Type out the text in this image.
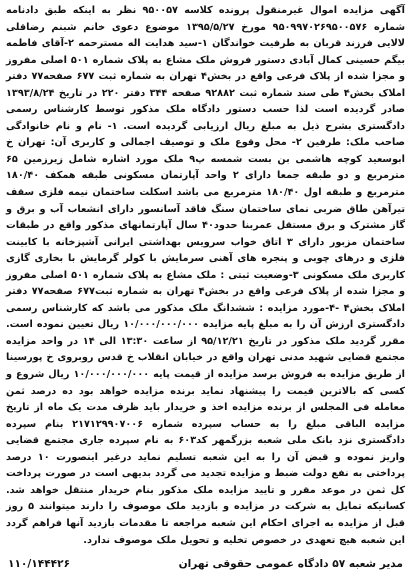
آگهی مزایده اموال غیرمنقول پرونده کلاسه ۹۵۰۰۵۷ نظر به اینکه طبق دادنامه شماره ۹۵۰۹۹۷۰۲۶۹۵۰۰۵۷۶ مورخ ۱۳۹۵/۵/۲۷ موضوع دعوی خانم شبنم رضاقلی لالایی فرزند قربان به طرفیت خواندگان ۱-سید هدایت اله مسترحمه ۲-آقای فاطمه بیگم حسینی کمال آبادی دستور فروش ملک مشاع به پلاک شماره ۵۰۱ اصلی مفروز و مجزا شده از پلاک فرعی واقع در بخش۴ تهران به شماره ثبت ۶۷۷ صفحه۷۷ دفتر املاک بخش۴ طی سند شماره ثبت ۹۲۸۸۲ صفحه ۳۴۴ دفتر ۲۲۰ در تاریخ ۱۳۹۳/۸/۲۴ صادر گردیده است لذا حسب دستور دادگاه ملک مذکور توسط کارشناس رسمی دادگستری بشرح ذیل به مبلغ ریال ارزیابی گردیده است. ۱- نام و نام خانوادگی صاحب ملک: طرفین ۲- محل وقوع ملک و توصیف اجمالی و کاربری آن: تهران خ ابوسعید کوچه هاشمی بن بست شمسه پ۹ ملک مورد اشاره شامل زیرزمین ۶۵ مترمربع و دو طبقه جمعا دارای ۲ واحد آپارتمان مسکونی طبقه همکف ۱۸۰/۴۰ مترمربع و طبقه اول ۱۸۰/۴۰ مترمربع می باشد اسکلت ساختمان نیمه فلزی سقف تیرآهن طاق ضربی نمای ساختمان سنگ فاقد آسانسور دارای انشعاب آب و برق و گاز مشترک و برق مستقل عمربنا حدود۴۰ سال آپارتمانهای مذکور واقع در طبقات ساختمان مزبور دارای ۳ اتاق خواب سرویس بهداشتی ایرانی آشپزخانه با کابینت فلزی و درهای چوبی و پنجره های آهنی سرمایش با کولر گرمایش با بخاری گازی کاربری ملک مسکونی ۳-وضعیت ثبتی : ملک مشاع به پلاک شماره ۵۰۱ اصلی مفروز و مجزا شده از پلاک فرعی واقع در بخش۴ تهران به شماره ثبت۶۷۷ صفحه۷۷ دفتر املاک بخش۴ -۴-مورد مزایده : ششدانگ ملک مذکور می باشد که کارشناس رسمی دادگستری ارزش آن را به مبلغ پایه مزایده ۱۰/۰۰۰/۰۰۰/۰۰۰ ریال تعیین نموده است. مقرر گردید ملک مذکور در تاریخ ۹۵/۱۲/۲۱ از ساعت ۱۳:۳۰ الی ۱۴ در واحد مزایده مجتمع قضایی شهید مدنی تهران واقع در خیابان انقلاب خ قدس روبروی خ پورسینا از طریق مزایده به فروش برسد مزایده از قیمت پایه ۱۰/۰۰۰/۰۰۰/۰۰۰ ریال شروع و کسی که بالاترین قیمت را پیشنهاد نماید برنده مزایده خواهد بود ده درصد ثمن معامله فی المجلس از برنده مزایده اخذ و خریدار باید ظرف مدت یک ماه از تاریخ مزایده الباقی مبلغ را به حساب سپرده شماره ۲۱۷۱۲۹۹۰۷۰۰۶ بنام سپرده دادگستری نزد بانک ملی شعبه بزرگمهر کد۶۰۳ به نام سپرده جاری مجتمع قضایی واریز نموده و قبض آن را به این شعبه تسلیم نماید درغیر اینصورت ۱۰ درصد پرداختی به نفع دولت ضبط و مزایده تجدید می گردد بدیهی است در صورت پرداخت کل ثمن در موعد مقرر و تایید مزایده ملک مذکور بنام خریدار منتقل خواهد شد. کسانیکه تمایل به شرکت در مزایده و بازدید ملک موصوف را دارند میتوانند ۵ روز قبل از مزایده به اجرای احکام این شعبه مراجعه تا مقدمات بازدید آنها فراهم گردد این شعبه هیچ تعهدی در خصوص تخلیه و تحویل ملک موصوف ندارد.

مدیر شعبه ۵۷ دادگاه عمومی حقوقی تهران
۱۱۰/۱۴۴۴۲۶
